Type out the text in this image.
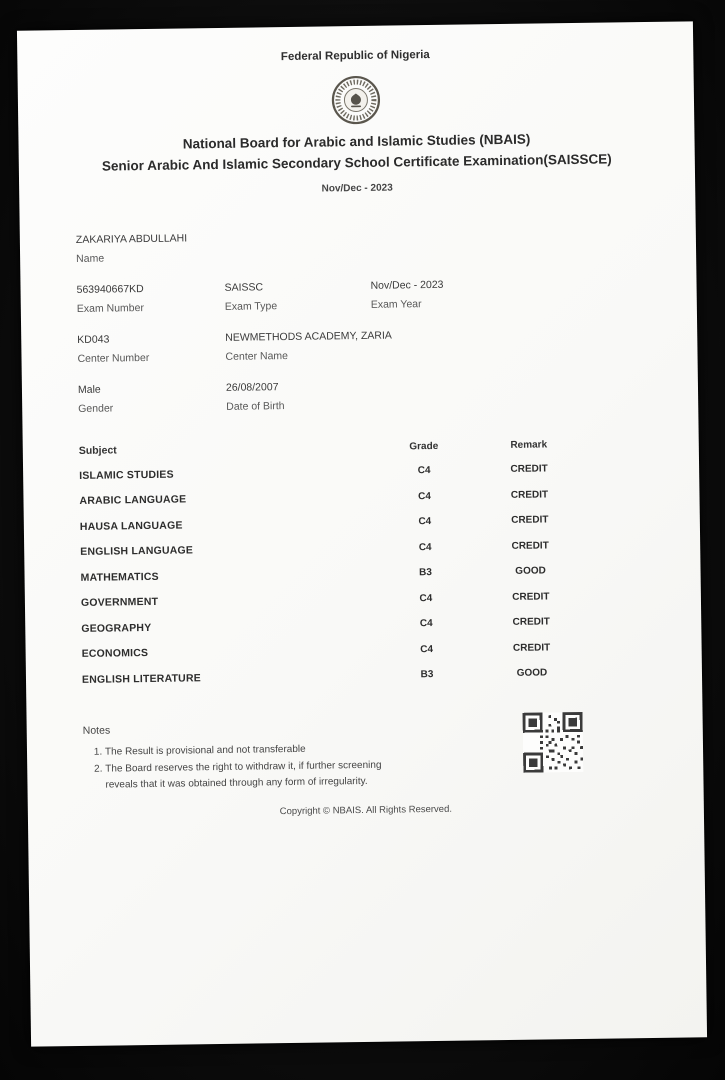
Federal Republic of Nigeria
National Board for Arabic and Islamic Studies (NBAIS)
Senior Arabic And Islamic Secondary School Certificate Examination(SAISSCE)
Nov/Dec - 2023
ZAKARIYA ABDULLAHI
Name
563940667KD
Exam Number
SAISSC
Exam Type
Nov/Dec - 2023
Exam Year
KD043
Center Number
NEWMETHODS ACADEMY, ZARIA
Center Name
Male
Gender
26/08/2007
Date of Birth
Subject	Grade	Remark
ISLAMIC STUDIES	C4	CREDIT
ARABIC LANGUAGE	C4	CREDIT
HAUSA LANGUAGE	C4	CREDIT
ENGLISH LANGUAGE	C4	CREDIT
MATHEMATICS	B3	GOOD
GOVERNMENT	C4	CREDIT
GEOGRAPHY	C4	CREDIT
ECONOMICS	C4	CREDIT
ENGLISH LITERATURE	B3	GOOD
Notes
1. The Result is provisional and not transferable
2. The Board reserves the right to withdraw it, if further screening reveals that it was obtained through any form of irregularity.
Copyright © NBAIS. All Rights Reserved.
